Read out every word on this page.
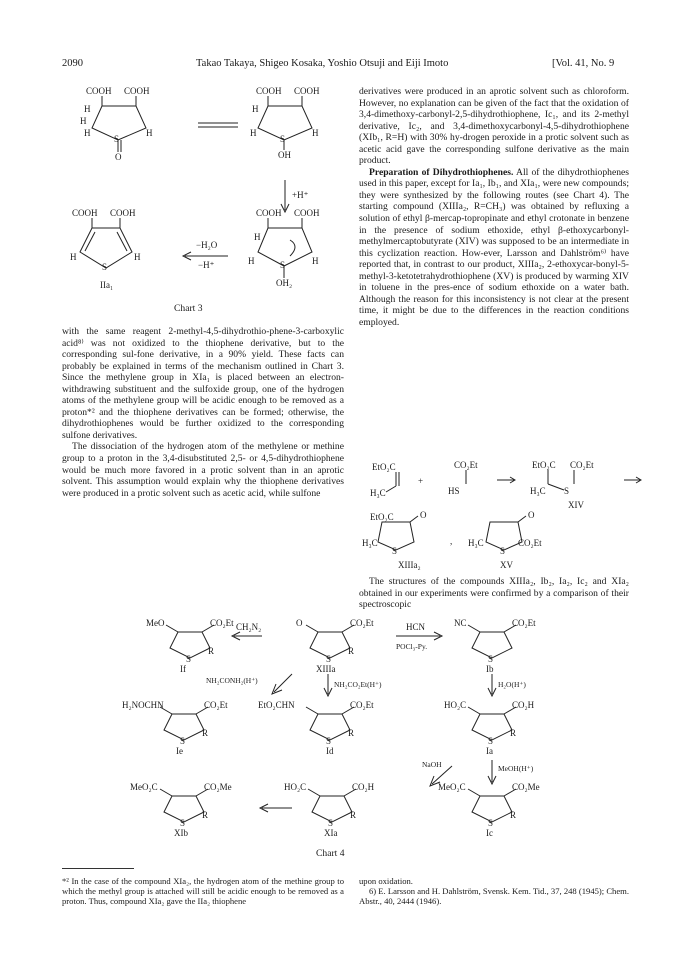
2090	Takao Takaya, Shigeo Kosaka, Yoshio Otsuji and Eiji Imoto	[Vol. 41, No. 9
COOH COOH
H
H
H
S
H
O
COOH COOH
H
H
S
H
OH
+H⁺
COOH COOH
H
S
H
IIa₁
−H₂O
−H⁺
COOH COOH
H
H	S	H
OH₂
Chart 3

with the same reagent 2-methyl-4,5-dihydrothio-phene-3-carboxylic acid⁸⁾ was not oxidized to the thiophene derivative, but to the corresponding sul-fone derivative, in a 90% yield. These facts can probably be explained in terms of the mechanism outlined in Chart 3. Since the methylene group in XIa₁ is placed between an electron-withdrawing substituent and the sulfoxide group, one of the hydrogen atoms of the methylene group will be acidic enough to be removed as a proton*² and the thiophene derivatives can be formed; otherwise, the dihydrothiophenes would be further oxidized to the corresponding sulfone derivatives.

The dissociation of the hydrogen atom of the methylene or methine group to a proton in the 3,4-disubstituted 2,5- or 4,5-dihydrothiophene would be much more favored in a protic solvent than in an aprotic solvent. This assumption would explain why the thiophene derivatives were produced in a protic solvent such as acetic acid, while sulfone

derivatives were produced in an aprotic solvent such as chloroform. However, no explanation can be given of the fact that the oxidation of 3,4-dimethoxy-carbonyl-2,5-dihydrothiophene, Ic₁, and its 2-methyl derivative, Ic₂, and 3,4-dimethoxycarbonyl-4,5-dihydrothiophene (XIb₁, R=H) with 30% hy-drogen peroxide in a protic solvent such as acetic acid gave the corresponding sulfone derivative as the main product.

Preparation of Dihydrothiophenes. All of the dihydrothiophenes used in this paper, except for Ia₁, Ib₁, and XIa₁, were new compounds; they were synthesized by the following routes (see Chart 4). The starting compound (XIIIa₂, R=CH₃) was obtained by refluxing a solution of ethyl β-mercap-topropinate and ethyl crotonate in benzene in the presence of sodium ethoxide, ethyl β-ethoxycarbonyl-methylmercaptobutyrate (XIV) was supposed to be an intermediate in this cyclization reaction. How-ever, Larsson and Dahlström⁶⁾ have reported that, in contrast to our product, XIIIa₂, 2-ethoxycar-bonyl-5-methyl-3-ketotetrahydrothiophene (XV) is produced by warming XIV in toluene in the pres-ence of sodium ethoxide on a water bath. Although the reason for this inconsistency is not clear at the present time, it might be due to the differences in the reaction conditions employed.

EtO₂C	CO₂Et	EtO₂C CO₂Et
+
H₃C	HS	H₃C S
XIV
EtO₂C	O	O
H₃C
S
, H₃C
S
CO₂Et
XIIIa₂	XV

The structures of the compounds XIIIa₂, Ib₂, Ia₂, Ic₂ and XIa₂ obtained in our experiments were confirmed by a comparison of their spectroscopic

MeO	CO₂Et
S
R
If
CH₂N₂	O	CO₂Et
S
R
XIIIa
HCN
POCl₃-Py.
NC	CO₂Et
S
Ib
NH₂CONH₂(H⁺)	NH₂CO₂Et(H⁺)	H₂O(H⁺)
H₂NOCHN	CO₂Et
S
R
Ie
EtO₂CHN	CO₂Et
S
R
Id
HO₂C	CO₂H
S
R
Ia
NaOH	MeOH(H⁺)
MeO₂C	CO₂Me
S
R
XIb
HO₂C	CO₂H
S
R
XIa
MeO₂C	CO₂Me
S
R
Ic
Chart 4

*² In the case of the compound XIa₂, the hydrogen atom of the methine group to which the methyl group is attached will still be acidic enough to be removed as a proton. Thus, compound XIa₂ gave the IIa₂ thiophene

upon oxidation.

6) E. Larsson and H. Dahlström, Svensk. Kem. Tid., 37, 248 (1945); Chem. Abstr., 40, 2444 (1946).
